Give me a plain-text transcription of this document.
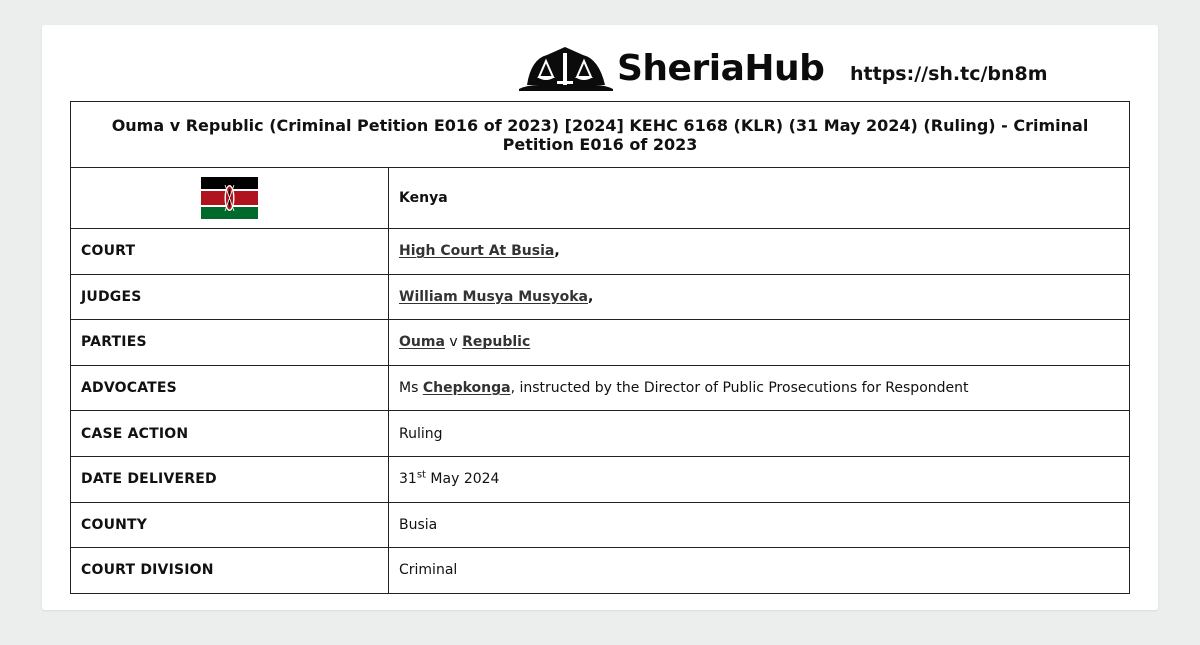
SheriaHub https://sh.tc/bn8m
Ouma v Republic (Criminal Petition E016 of 2023) [2024] KEHC 6168 (KLR) (31 May 2024) (Ruling) - Criminal Petition E016 of 2023	
	Kenya
COURT	High Court At Busia,
JUDGES	William Musya Musyoka,
PARTIES	Ouma v Republic
ADVOCATES	Ms Chepkonga, instructed by the Director of Public Prosecutions for Respondent
CASE ACTION	Ruling
DATE DELIVERED	31st May 2024
COUNTY	Busia
COURT DIVISION	Criminal
